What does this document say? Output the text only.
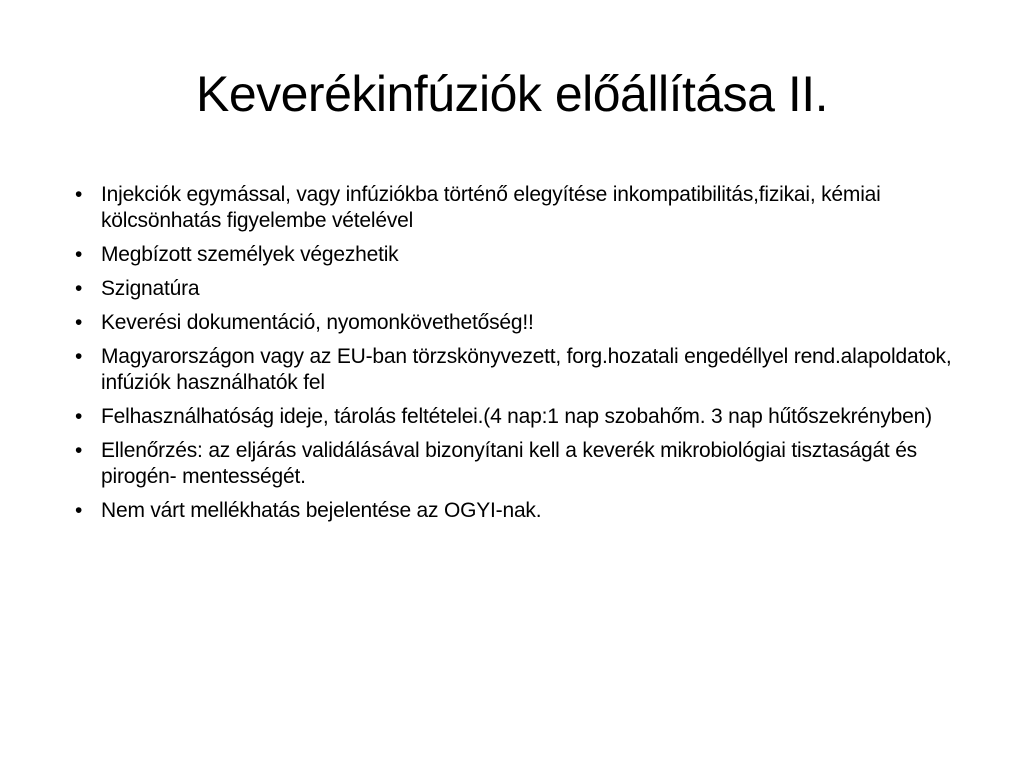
Keverékinfúziók előállítása II.
• Injekciók egymással, vagy infúziókba történő elegyítése inkompatibilitás,fizikai, kémiai kölcsönhatás figyelembe vételével
• Megbízott személyek végezhetik
• Szignatúra
• Keverési dokumentáció, nyomonkövethetőség!!
• Magyarországon vagy az EU-ban törzskönyvezett, forg.hozatali engedéllyel rend.alapoldatok, infúziók használhatók fel
• Felhasználhatóság ideje, tárolás feltételei.(4 nap:1 nap szobahőm. 3 nap hűtőszekrényben)
• Ellenőrzés: az eljárás validálásával bizonyítani kell a keverék mikrobiológiai tisztaságát és pirogén- mentességét.
• Nem várt mellékhatás bejelentése az OGYI-nak.
